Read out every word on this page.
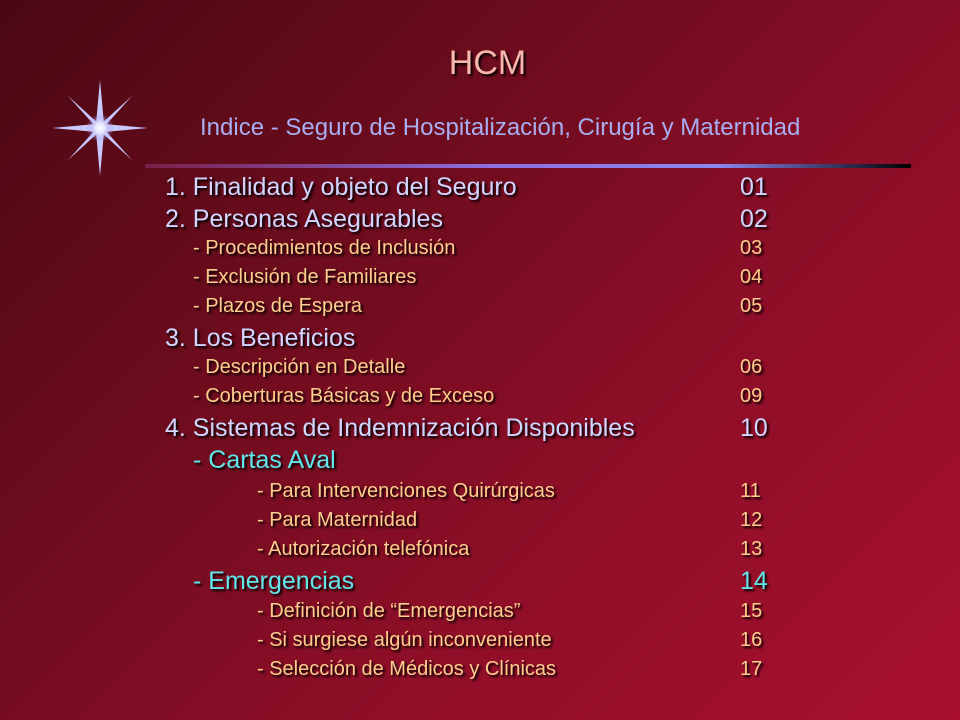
HCM
Indice - Seguro de Hospitalización, Cirugía y Maternidad
1. Finalidad y objeto del Seguro	01
2. Personas Asegurables	02
- Procedimientos de Inclusión	03
- Exclusión de Familiares	04
- Plazos de Espera	05
3. Los Beneficios
- Descripción en Detalle	06
- Coberturas Básicas y de Exceso	09
4. Sistemas de Indemnización Disponibles	10
- Cartas Aval
- Para Intervenciones Quirúrgicas	11
- Para Maternidad	12
- Autorización telefónica	13
- Emergencias	14
- Definición de “Emergencias”	15
- Si surgiese algún inconveniente	16
- Selección de Médicos y Clínicas	17
